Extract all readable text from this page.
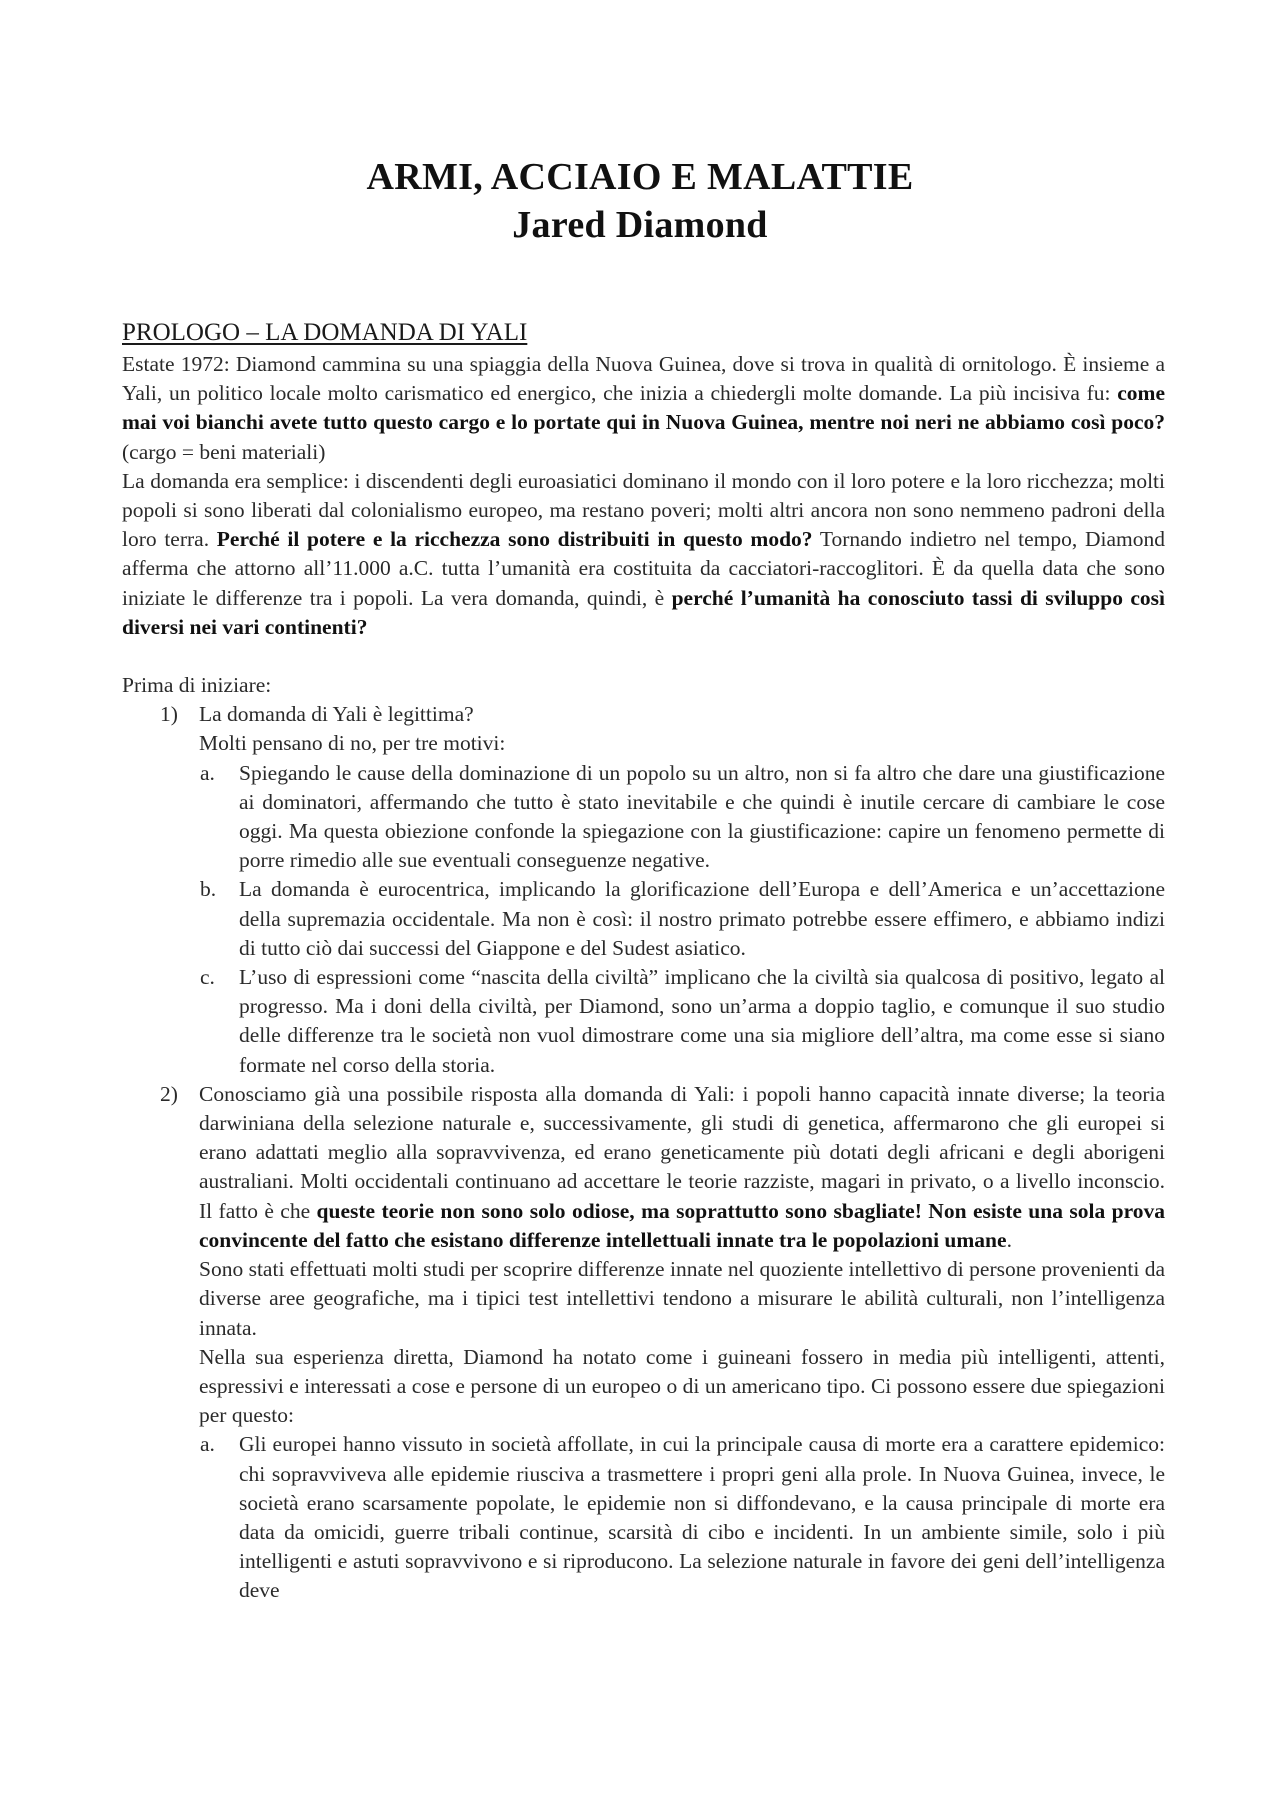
ARMI, ACCIAIO E MALATTIE
Jared Diamond
PROLOGO – LA DOMANDA DI YALI

Estate 1972: Diamond cammina su una spiaggia della Nuova Guinea, dove si trova in qualità di ornitologo. È insieme a Yali, un politico locale molto carismatico ed energico, che inizia a chiedergli molte domande. La più incisiva fu: come mai voi bianchi avete tutto questo cargo e lo portate qui in Nuova Guinea, mentre noi neri ne abbiamo così poco? (cargo = beni materiali)

La domanda era semplice: i discendenti degli euroasiatici dominano il mondo con il loro potere e la loro ricchezza; molti popoli si sono liberati dal colonialismo europeo, ma restano poveri; molti altri ancora non sono nemmeno padroni della loro terra. Perché il potere e la ricchezza sono distribuiti in questo modo? Tornando indietro nel tempo, Diamond afferma che attorno all’11.000 a.C. tutta l’umanità era costituita da cacciatori-raccoglitori. È da quella data che sono iniziate le differenze tra i popoli. La vera domanda, quindi, è perché l’umanità ha conosciuto tassi di sviluppo così diversi nei vari continenti?

Prima di iniziare:

1) La domanda di Yali è legittima?

Molti pensano di no, per tre motivi:

a. Spiegando le cause della dominazione di un popolo su un altro, non si fa altro che dare una giustificazione ai dominatori, affermando che tutto è stato inevitabile e che quindi è inutile cercare di cambiare le cose oggi. Ma questa obiezione confonde la spiegazione con la giustificazione: capire un fenomeno permette di porre rimedio alle sue eventuali conseguenze negative.

b. La domanda è eurocentrica, implicando la glorificazione dell’Europa e dell’America e un’accettazione della supremazia occidentale. Ma non è così: il nostro primato potrebbe essere effimero, e abbiamo indizi di tutto ciò dai successi del Giappone e del Sudest asiatico.

c. L’uso di espressioni come “nascita della civiltà” implicano che la civiltà sia qualcosa di positivo, legato al progresso. Ma i doni della civiltà, per Diamond, sono un’arma a doppio taglio, e comunque il suo studio delle differenze tra le società non vuol dimostrare come una sia migliore dell’altra, ma come esse si siano formate nel corso della storia.

2) Conosciamo già una possibile risposta alla domanda di Yali: i popoli hanno capacità innate diverse; la teoria darwiniana della selezione naturale e, successivamente, gli studi di genetica, affermarono che gli europei si erano adattati meglio alla sopravvivenza, ed erano geneticamente più dotati degli africani e degli aborigeni australiani. Molti occidentali continuano ad accettare le teorie razziste, magari in privato, o a livello inconscio. Il fatto è che queste teorie non sono solo odiose, ma soprattutto sono sbagliate! Non esiste una sola prova convincente del fatto che esistano differenze intellettuali innate tra le popolazioni umane.

Sono stati effettuati molti studi per scoprire differenze innate nel quoziente intellettivo di persone provenienti da diverse aree geografiche, ma i tipici test intellettivi tendono a misurare le abilità culturali, non l’intelligenza innata.

Nella sua esperienza diretta, Diamond ha notato come i guineani fossero in media più intelligenti, attenti, espressivi e interessati a cose e persone di un europeo o di un americano tipo. Ci possono essere due spiegazioni per questo:

a. Gli europei hanno vissuto in società affollate, in cui la principale causa di morte era a carattere epidemico: chi sopravviveva alle epidemie riusciva a trasmettere i propri geni alla prole. In Nuova Guinea, invece, le società erano scarsamente popolate, le epidemie non si diffondevano, e la causa principale di morte era data da omicidi, guerre tribali continue, scarsità di cibo e incidenti. In un ambiente simile, solo i più intelligenti e astuti sopravvivono e si riproducono. La selezione naturale in favore dei geni dell’intelligenza deve
